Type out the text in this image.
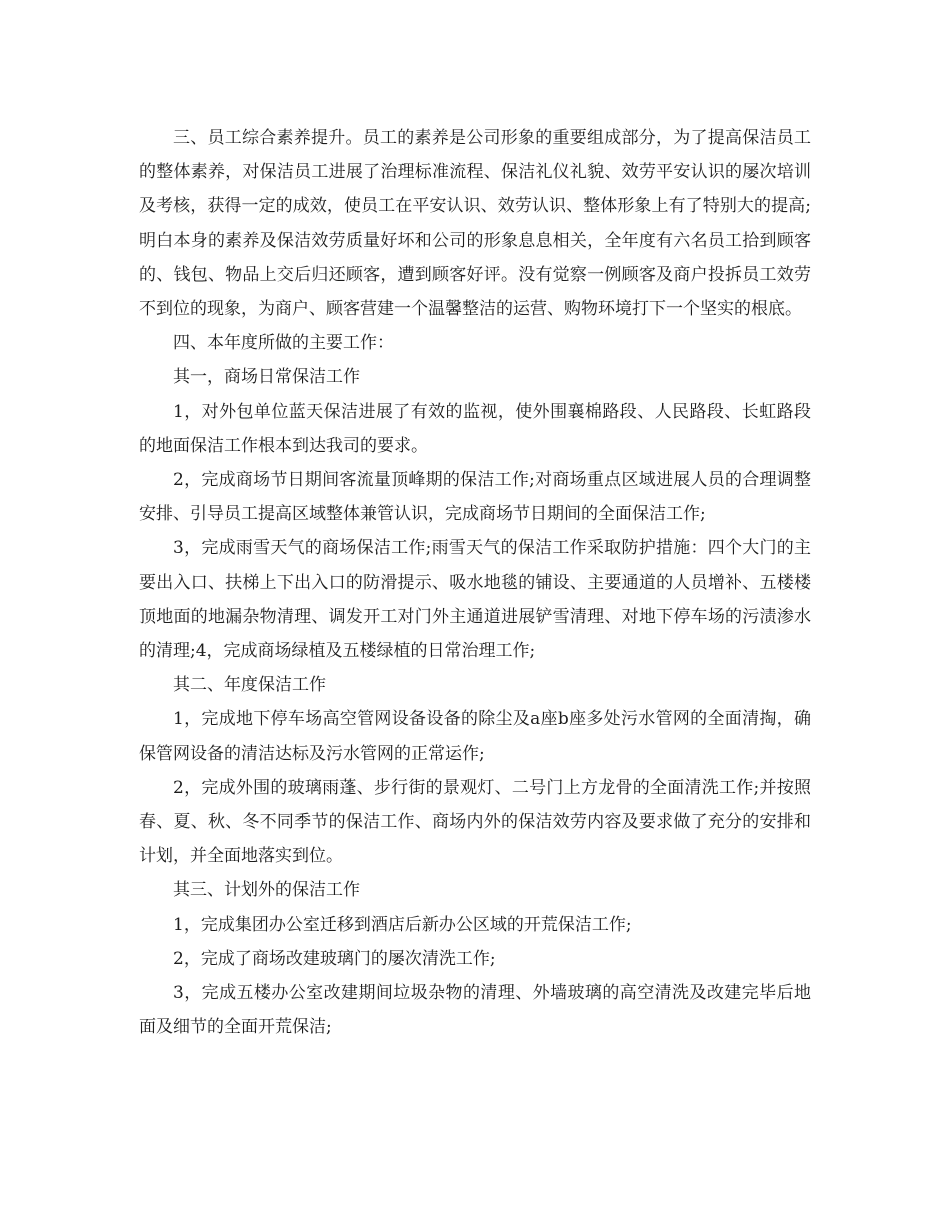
三、员工综合素养提升。员工的素养是公司形象的重要组成部分，为了提高保洁员工的整体素养，对保洁员工进展了治理标准流程、保洁礼仪礼貌、效劳平安认识的屡次培训及考核，获得一定的成效，使员工在平安认识、效劳认识、整体形象上有了特别大的提高;明白本身的素养及保洁效劳质量好坏和公司的形象息息相关，全年度有六名员工拾到顾客的、钱包、物品上交后归还顾客，遭到顾客好评。没有觉察一例顾客及商户投拆员工效劳不到位的现象，为商户、顾客营建一个温馨整洁的运营、购物环境打下一个坚实的根底。

四、本年度所做的主要工作：

其一，商场日常保洁工作

1，对外包单位蓝天保洁进展了有效的监视，使外围襄棉路段、人民路段、长虹路段的地面保洁工作根本到达我司的要求。

2，完成商场节日期间客流量顶峰期的保洁工作;对商场重点区域进展人员的合理调整安排、引导员工提高区域整体兼管认识，完成商场节日期间的全面保洁工作;

3，完成雨雪天气的商场保洁工作;雨雪天气的保洁工作采取防护措施：四个大门的主要出入口、扶梯上下出入口的防滑提示、吸水地毯的铺设、主要通道的人员增补、五楼楼顶地面的地漏杂物清理、调发开工对门外主通道进展铲雪清理、对地下停车场的污渍渗水的清理;4，完成商场绿植及五楼绿植的日常治理工作;

其二、年度保洁工作

1，完成地下停车场高空管网设备设备的除尘及a座b座多处污水管网的全面清掏，确保管网设备的清洁达标及污水管网的正常运作;

2，完成外围的玻璃雨蓬、步行街的景观灯、二号门上方龙骨的全面清洗工作;并按照春、夏、秋、冬不同季节的保洁工作、商场内外的保洁效劳内容及要求做了充分的安排和计划，并全面地落实到位。

其三、计划外的保洁工作

1，完成集团办公室迁移到酒店后新办公区域的开荒保洁工作;

2，完成了商场改建玻璃门的屡次清洗工作;

3，完成五楼办公室改建期间垃圾杂物的清理、外墙玻璃的高空清洗及改建完毕后地面及细节的全面开荒保洁;
